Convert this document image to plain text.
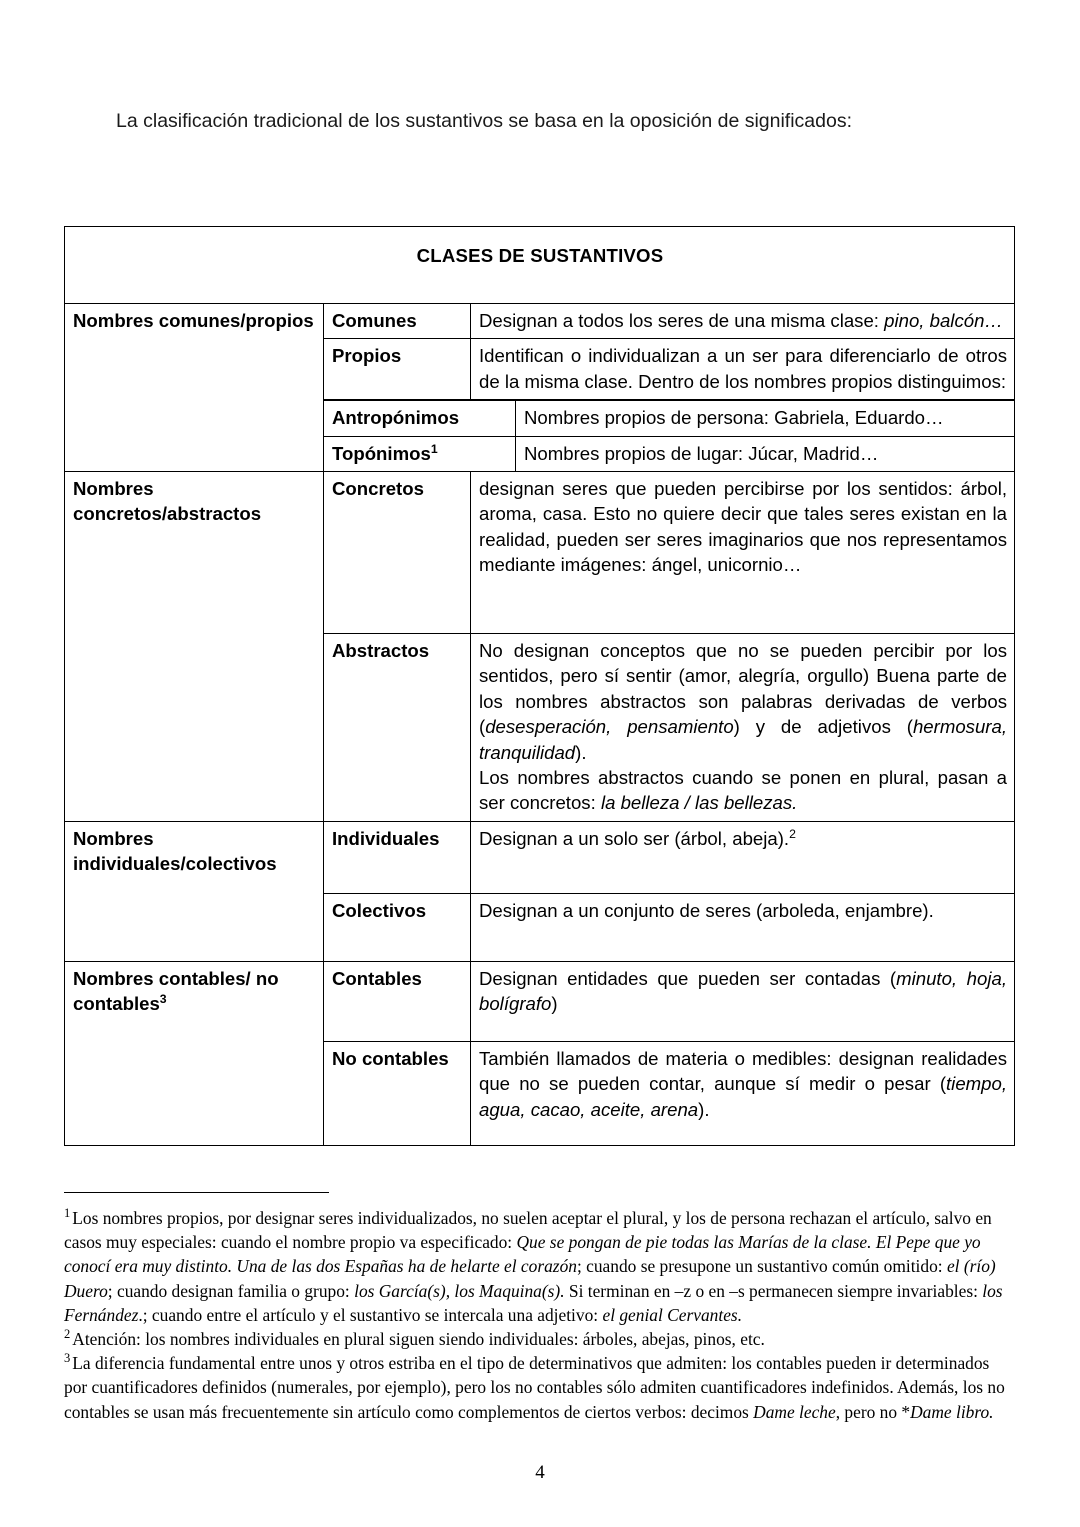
La clasificación tradicional de los sustantivos se basa en la oposición de significados:
CLASES DE SUSTANTIVOS
Nombres comunes/propios	Comunes	Designan a todos los seres de una misma clase: pino, balcón…
Propios	Identifican o individualizan a un ser para diferenciarlo de otros de la misma clase. Dentro de los nombres propios distinguimos:

Antropónimos	Nombres propios de persona: Gabriela, Eduardo…
Topónimos$^1$	Nombres propios de lugar: Júcar, Madrid…

Nombres concretos/abstractos	Concretos	designan seres que pueden percibirse por los sentidos: árbol, aroma, casa. Esto no quiere decir que tales seres existan en la realidad, pueden ser seres imaginarios que nos representamos mediante imágenes: ángel, unicornio…
Abstractos	No designan conceptos que no se pueden percibir por los sentidos, pero sí sentir (amor, alegría, orgullo) Buena parte de los nombres abstractos son palabras derivadas de verbos (desesperación, pensamiento) y de adjetivos (hermosura, tranquilidad).
Los nombres abstractos cuando se ponen en plural, pasan a ser concretos: la belleza / las bellezas.

Nombres individuales/colectivos	Individuales	Designan a un solo ser (árbol, abeja).$^2$
Colectivos	Designan a un conjunto de seres (arboleda, enjambre).
Nombres contables/ no contables$^3$	Contables	Designan entidades que pueden ser contadas (minuto, hoja, bolígrafo)
No contables	También llamados de materia o medibles: designan realidades que no se pueden contar, aunque sí medir o pesar (tiempo, agua, cacao, aceite, arena).

$^1$ Los nombres propios, por designar seres individualizados, no suelen aceptar el plural, y los de persona rechazan el artículo, salvo en casos muy especiales: cuando el nombre propio va especificado: Que se pongan de pie todas las Marías de la clase. El Pepe que yo conocí era muy distinto. Una de las dos Españas ha de helarte el corazón; cuando se presupone un sustantivo común omitido: el (río) Duero; cuando designan familia o grupo: los García(s), los Maquina(s). Si terminan en –z o en –s permanecen siempre invariables: los Fernández.; cuando entre el artículo y el sustantivo se intercala una adjetivo: el genial Cervantes.

$^2$ Atención: los nombres individuales en plural siguen siendo individuales: árboles, abejas, pinos, etc.

$^3$ La diferencia fundamental entre unos y otros estriba en el tipo de determinativos que admiten: los contables pueden ir determinados por cuantificadores definidos (numerales, por ejemplo), pero los no contables sólo admiten cuantificadores indefinidos. Además, los no contables se usan más frecuentemente sin artículo como complementos de ciertos verbos: decimos Dame leche, pero no *Dame libro.

4
